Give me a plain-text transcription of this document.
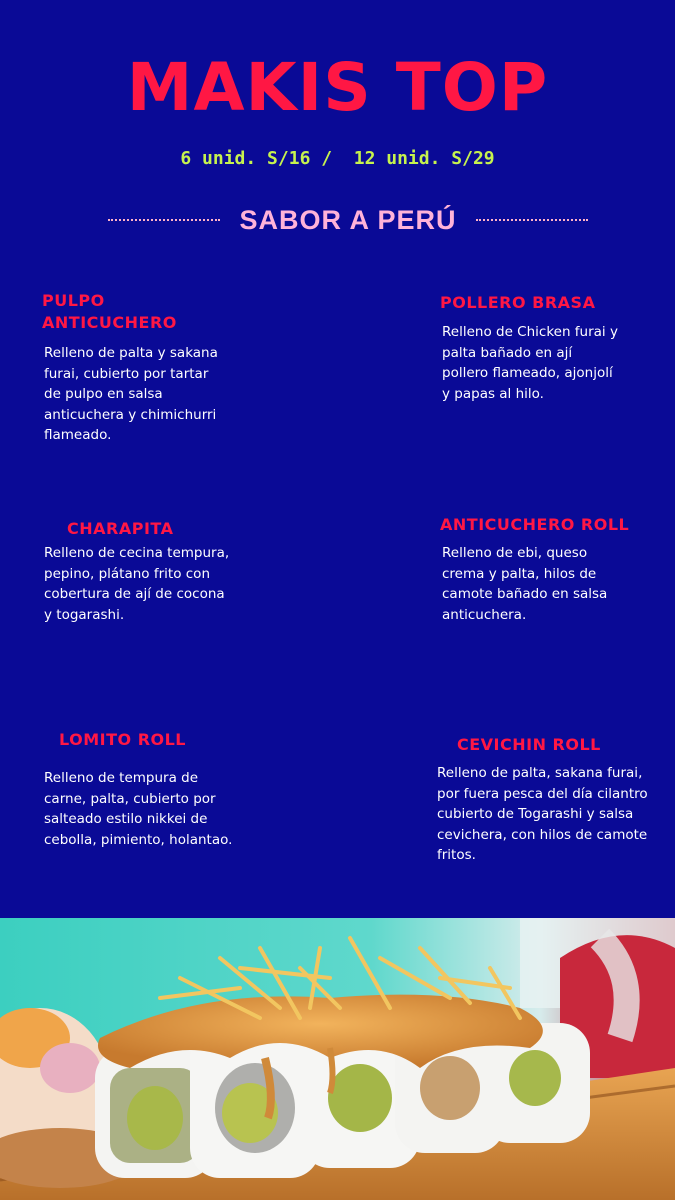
MAKIS TOP
6 unid. S/16 /  12 unid. S/29
SABOR A PERÚ
PULPO ANTICUCHERO
Relleno de palta y sakana furai, cubierto por tartar de pulpo en salsa anticuchera y chimichurri flameado.
POLLERO BRASA
Relleno de Chicken furai y palta bañado en ají pollero flameado, ajonjolí y papas al hilo.
CHARAPITA
Relleno de cecina tempura, pepino, plátano frito con cobertura de ají de cocona y togarashi.
ANTICUCHERO ROLL
Relleno de ebi, queso crema y palta, hilos de camote bañado en salsa anticuchera.
LOMITO ROLL
Relleno de tempura de carne, palta, cubierto por salteado estilo nikkei de cebolla, pimiento, holantao.
CEVICHIN ROLL
Relleno de palta, sakana furai, por fuera pesca del día cilantro cubierto de Togarashi y salsa cevichera, con hilos de camote fritos.
